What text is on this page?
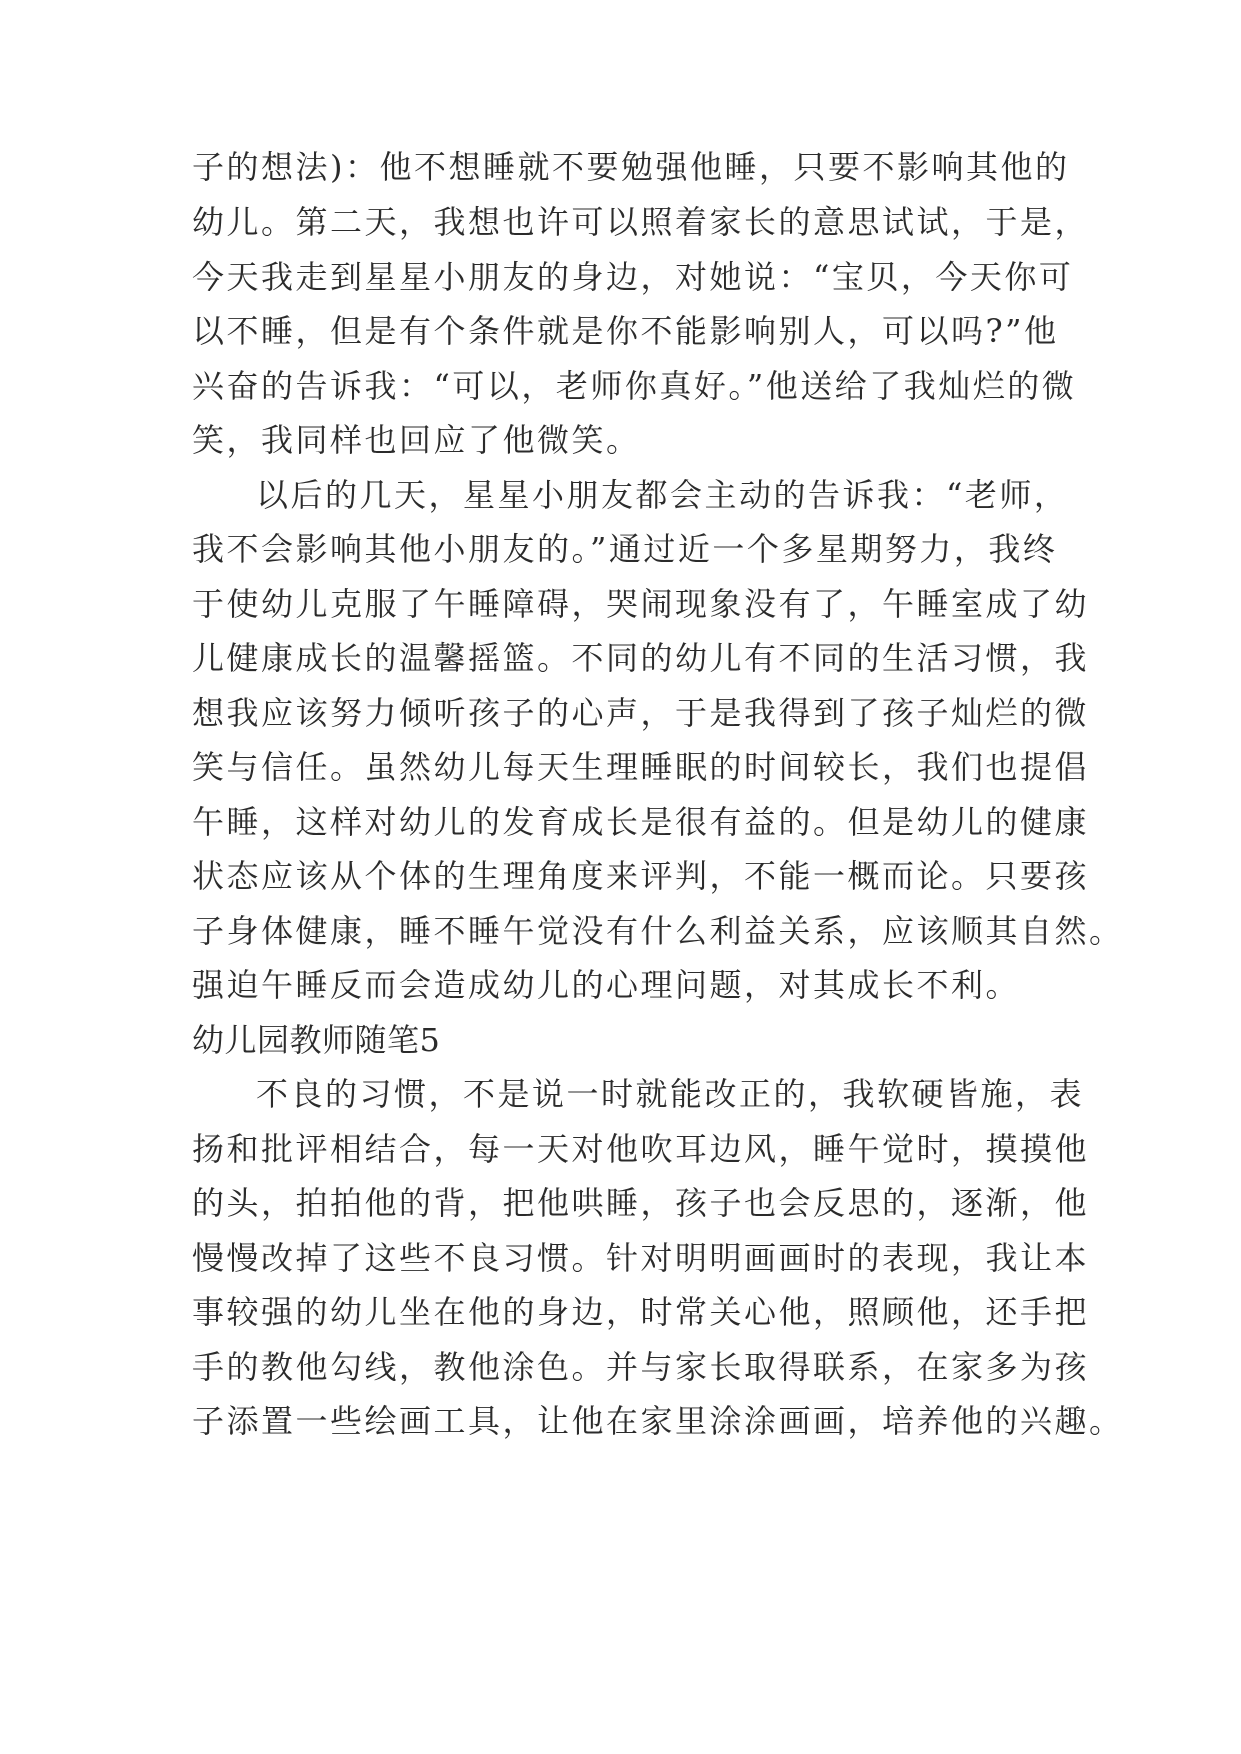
子的想法)：他不想睡就不要勉强他睡，只要不影响其他的
幼儿。第二天，我想也许可以照着家长的意思试试，于是，
今天我走到星星小朋友的身边，对她说：“宝贝，今天你可
以不睡，但是有个条件就是你不能影响别人，可以吗?”他
兴奋的告诉我：“可以，老师你真好。”他送给了我灿烂的微
笑，我同样也回应了他微笑。
以后的几天，星星小朋友都会主动的告诉我：“老师，
我不会影响其他小朋友的。”通过近一个多星期努力，我终
于使幼儿克服了午睡障碍，哭闹现象没有了，午睡室成了幼
儿健康成长的温馨摇篮。不同的幼儿有不同的生活习惯，我
想我应该努力倾听孩子的心声，于是我得到了孩子灿烂的微
笑与信任。虽然幼儿每天生理睡眠的时间较长，我们也提倡
午睡，这样对幼儿的发育成长是很有益的。但是幼儿的健康
状态应该从个体的生理角度来评判，不能一概而论。只要孩
子身体健康，睡不睡午觉没有什么利益关系，应该顺其自然。
强迫午睡反而会造成幼儿的心理问题，对其成长不利。
幼儿园教师随笔5
不良的习惯，不是说一时就能改正的，我软硬皆施，表
扬和批评相结合，每一天对他吹耳边风，睡午觉时，摸摸他
的头，拍拍他的背，把他哄睡，孩子也会反思的，逐渐，他
慢慢改掉了这些不良习惯。针对明明画画时的表现，我让本
事较强的幼儿坐在他的身边，时常关心他，照顾他，还手把
手的教他勾线，教他涂色。并与家长取得联系，在家多为孩
子添置一些绘画工具，让他在家里涂涂画画，培养他的兴趣。
